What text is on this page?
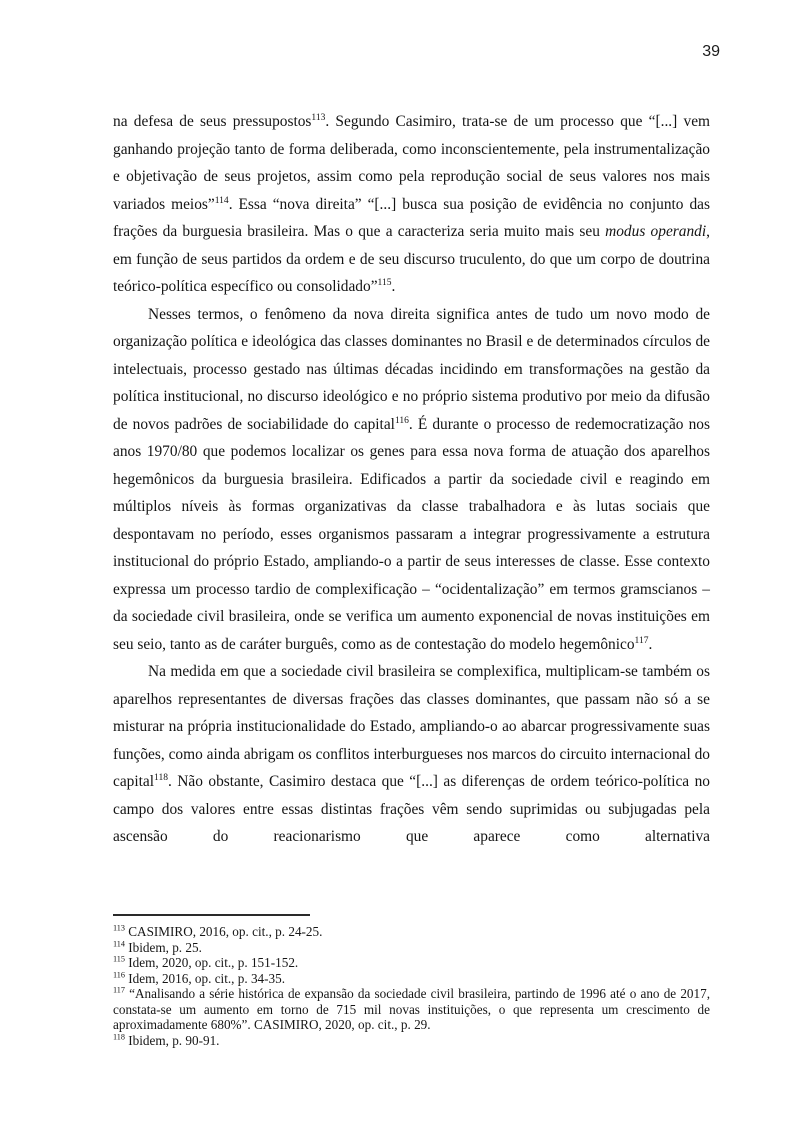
39

na defesa de seus pressupostos$^{113}$. Segundo Casimiro, trata-se de um processo que “[...] vem ganhando projeção tanto de forma deliberada, como inconscientemente, pela instrumentalização e objetivação de seus projetos, assim como pela reprodução social de seus valores nos mais variados meios”$^{114}$. Essa “nova direita” “[...] busca sua posição de evidência no conjunto das frações da burguesia brasileira. Mas o que a caracteriza seria muito mais seu modus operandi, em função de seus partidos da ordem e de seu discurso truculento, do que um corpo de doutrina teórico-política específico ou consolidado”$^{115}$.

Nesses termos, o fenômeno da nova direita significa antes de tudo um novo modo de organização política e ideológica das classes dominantes no Brasil e de determinados círculos de intelectuais, processo gestado nas últimas décadas incidindo em transformações na gestão da política institucional, no discurso ideológico e no próprio sistema produtivo por meio da difusão de novos padrões de sociabilidade do capital$^{116}$. É durante o processo de redemocratização nos anos 1970/80 que podemos localizar os genes para essa nova forma de atuação dos aparelhos hegemônicos da burguesia brasileira. Edificados a partir da sociedade civil e reagindo em múltiplos níveis às formas organizativas da classe trabalhadora e às lutas sociais que despontavam no período, esses organismos passaram a integrar progressivamente a estrutura institucional do próprio Estado, ampliando-o a partir de seus interesses de classe. Esse contexto expressa um processo tardio de complexificação – “ocidentalização” em termos gramscianos – da sociedade civil brasileira, onde se verifica um aumento exponencial de novas instituições em seu seio, tanto as de caráter burguês, como as de contestação do modelo hegemônico$^{117}$.

Na medida em que a sociedade civil brasileira se complexifica, multiplicam-se também os aparelhos representantes de diversas frações das classes dominantes, que passam não só a se misturar na própria institucionalidade do Estado, ampliando-o ao abarcar progressivamente suas funções, como ainda abrigam os conflitos interburgueses nos marcos do circuito internacional do capital$^{118}$. Não obstante, Casimiro destaca que “[...] as diferenças de ordem teórico-política no campo dos valores entre essas distintas frações vêm sendo suprimidas ou subjugadas pela ascensão do reacionarismo que aparece como alternativa

$^{113}$ CASIMIRO, 2016, op. cit., p. 24-25.
$^{114}$ Ibidem, p. 25.
$^{115}$ Idem, 2020, op. cit., p. 151-152.
$^{116}$ Idem, 2016, op. cit., p. 34-35.
$^{117}$ “Analisando a série histórica de expansão da sociedade civil brasileira, partindo de 1996 até o ano de 2017, constata-se um aumento em torno de 715 mil novas instituições, o que representa um crescimento de aproximadamente 680%”. CASIMIRO, 2020, op. cit., p. 29.
$^{118}$ Ibidem, p. 90-91.
